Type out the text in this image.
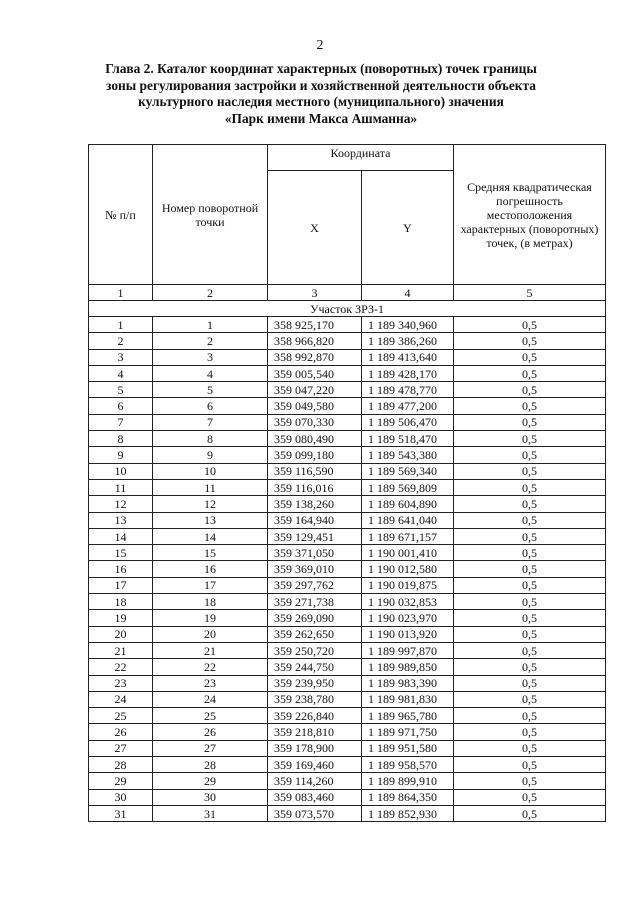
2
Глава 2. Каталог координат характерных (поворотных) точек границы
зоны регулирования застройки и хозяйственной деятельности объекта
культурного наследия местного (муниципального) значения
«Парк имени Макса Ашманна»
№ п/п	Номер поворотной точки	Координата		Средняя квадратическая погрешность местоположения характерных (поворотных) точек, (в метрах)
		X	Y	
1	2	3	4	5
Участок ЗРЗ-1				
1	1	358 925,170	1 189 340,960	0,5
2	2	358 966,820	1 189 386,260	0,5
3	3	358 992,870	1 189 413,640	0,5
4	4	359 005,540	1 189 428,170	0,5
5	5	359 047,220	1 189 478,770	0,5
6	6	359 049,580	1 189 477,200	0,5
7	7	359 070,330	1 189 506,470	0,5
8	8	359 080,490	1 189 518,470	0,5
9	9	359 099,180	1 189 543,380	0,5
10	10	359 116,590	1 189 569,340	0,5
11	11	359 116,016	1 189 569,809	0,5
12	12	359 138,260	1 189 604,890	0,5
13	13	359 164,940	1 189 641,040	0,5
14	14	359 129,451	1 189 671,157	0,5
15	15	359 371,050	1 190 001,410	0,5
16	16	359 369,010	1 190 012,580	0,5
17	17	359 297,762	1 190 019,875	0,5
18	18	359 271,738	1 190 032,853	0,5
19	19	359 269,090	1 190 023,970	0,5
20	20	359 262,650	1 190 013,920	0,5
21	21	359 250,720	1 189 997,870	0,5
22	22	359 244,750	1 189 989,850	0,5
23	23	359 239,950	1 189 983,390	0,5
24	24	359 238,780	1 189 981,830	0,5
25	25	359 226,840	1 189 965,780	0,5
26	26	359 218,810	1 189 971,750	0,5
27	27	359 178,900	1 189 951,580	0,5
28	28	359 169,460	1 189 958,570	0,5
29	29	359 114,260	1 189 899,910	0,5
30	30	359 083,460	1 189 864,350	0,5
31	31	359 073,570	1 189 852,930	0,5
